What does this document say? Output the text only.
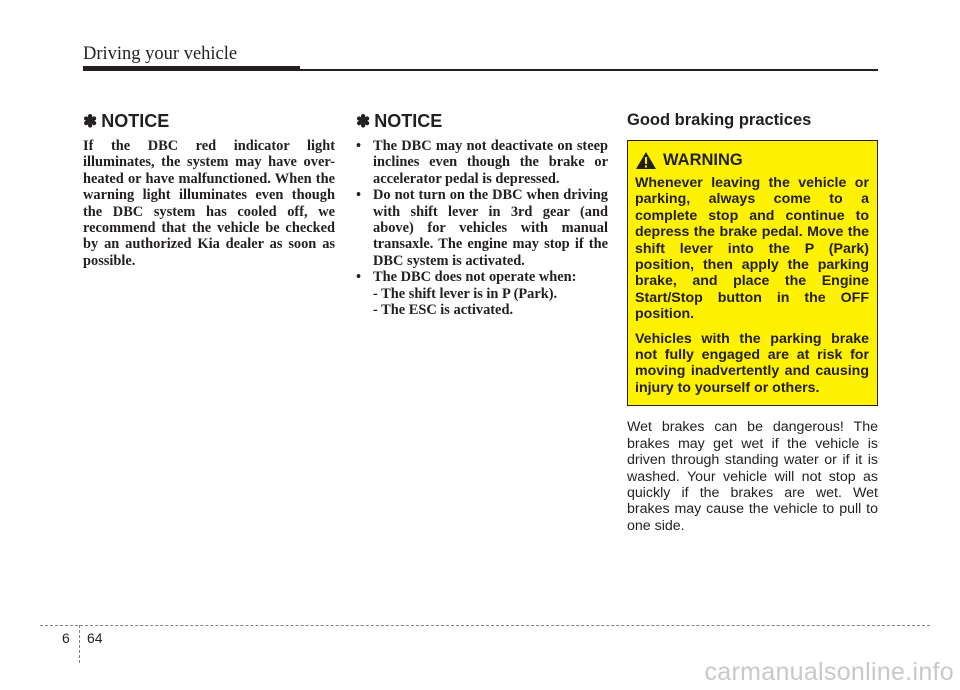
Driving your vehicle
✽ NOTICE
If the DBC red indicator light illuminates, the system may have over-heated or have malfunctioned. When the warning light illuminates even though the DBC system has cooled off, we recommend that the vehicle be checked by an authorized Kia dealer as soon as possible.
✽ NOTICE
• The DBC may not deactivate on steep inclines even though the brake or accelerator pedal is depressed.
• Do not turn on the DBC when driving with shift lever in 3rd gear (and above) for vehicles with manual transaxle. The engine may stop if the DBC system is activated.
• The DBC does not operate when:
- The shift lever is in P (Park).
- The ESC is activated.
Good braking practices
WARNING

Whenever leaving the vehicle or parking, always come to a complete stop and continue to depress the brake pedal. Move the shift lever into the P (Park) position, then apply the parking brake, and place the Engine Start/Stop button in the OFF position.

Vehicles with the parking brake not fully engaged are at risk for moving inadvertently and causing injury to yourself or others.

Wet brakes can be dangerous! The brakes may get wet if the vehicle is driven through standing water or if it is washed. Your vehicle will not stop as quickly if the brakes are wet. Wet brakes may cause the vehicle to pull to one side.

6 64
carmanualsonline.info
